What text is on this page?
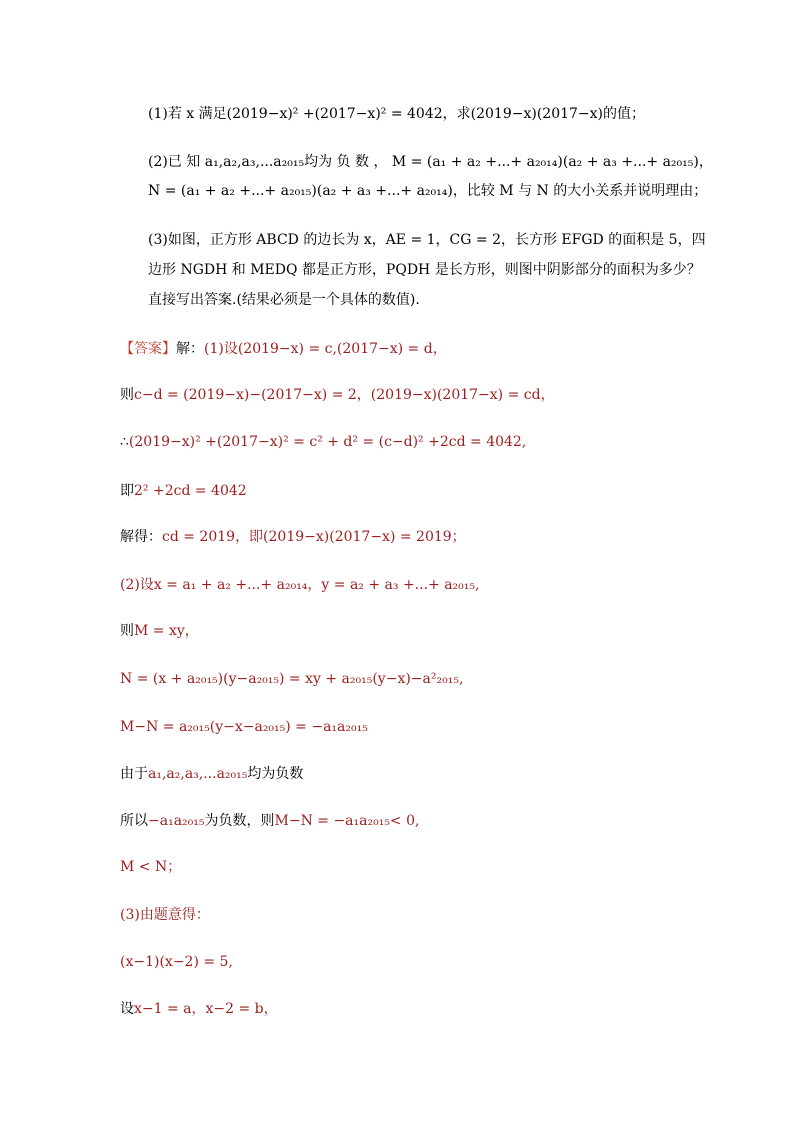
(1)若 x 满足(2019−x)² +(2017−x)² = 4042，求(2019−x)(2017−x)的值；
(2)已 知 a₁,a₂,a₃,...a₂₀₁₅均为 负 数 ， M = (a₁ + a₂ +...+ a₂₀₁₄)(a₂ + a₃ +...+ a₂₀₁₅)，
N = (a₁ + a₂ +...+ a₂₀₁₅)(a₂ + a₃ +...+ a₂₀₁₄)，比较 M 与 N 的大小关系并说明理由；
(3)如图，正方形 ABCD 的边长为 x，AE = 1，CG = 2，长方形 EFGD 的面积是 5，四
边形 NGDH 和 MEDQ 都是正方形，PQDH 是长方形，则图中阴影部分的面积为多少？
直接写出答案.(结果必须是一个具体的数值).
【答案】解：(1)设(2019−x) = c,(2017−x) = d，
则c−d = (2019−x)−(2017−x) = 2，(2019−x)(2017−x) = cd，
∴(2019−x)² +(2017−x)² = c² + d² = (c−d)² +2cd = 4042,
即2² +2cd = 4042
解得：cd = 2019，即(2019−x)(2017−x) = 2019；
(2)设x = a₁ + a₂ +...+ a₂₀₁₄，y = a₂ + a₃ +...+ a₂₀₁₅,
则M = xy，
N = (x + a₂₀₁₅)(y−a₂₀₁₅) = xy + a₂₀₁₅(y−x)−a²₂₀₁₅,
M−N = a₂₀₁₅(y−x−a₂₀₁₅) = −a₁a₂₀₁₅
由于a₁,a₂,a₃,...a₂₀₁₅均为负数
所以−a₁a₂₀₁₅为负数，则M−N = −a₁a₂₀₁₅< 0,
M < N；
(3)由题意得：
(x−1)(x−2) = 5,
设x−1 = a，x−2 = b，
